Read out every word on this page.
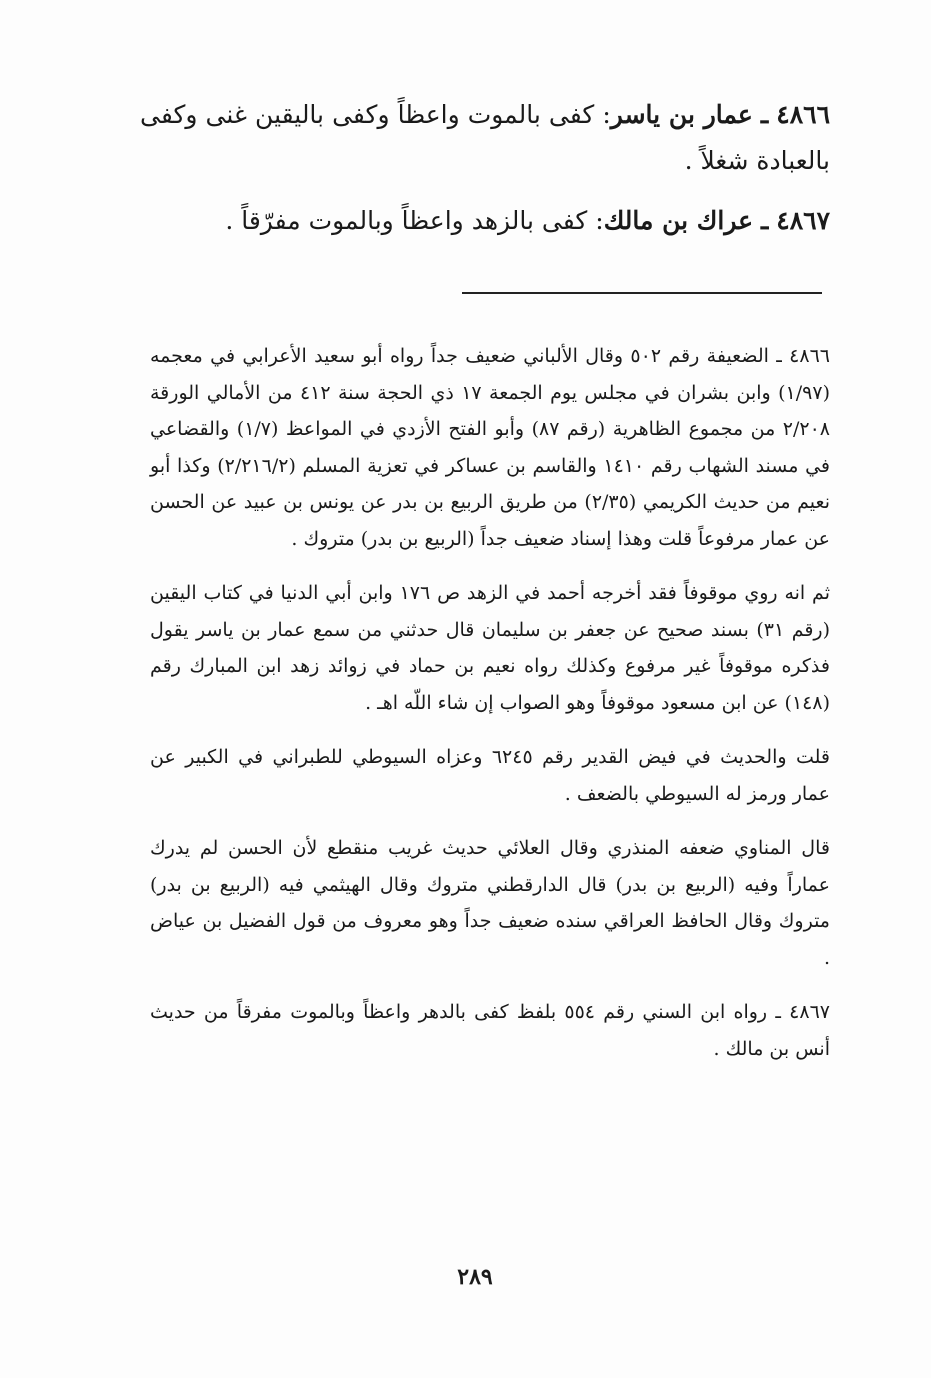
٤٨٦٦ ـ عمار بن ياسر: كفى بالموت واعظاً وكفى باليقين غنى وكفى بالعبادة شغلاً .

٤٨٦٧ ـ عراك بن مالك: كفى بالزهد واعظاً وبالموت مفرّقاً .

٤٨٦٦ ـ الضعيفة رقم ٥٠٢ وقال الألباني ضعيف جداً رواه أبو سعيد الأعرابي في معجمه (١/٩٧) وابن بشران في مجلس يوم الجمعة ١٧ ذي الحجة سنة ٤١٢ من الأمالي الورقة ٢/٢٠٨ من مجموع الظاهرية (رقم ٨٧) وأبو الفتح الأزدي في المواعظ (١/٧) والقضاعي في مسند الشهاب رقم ١٤١٠ والقاسم بن عساكر في تعزية المسلم (٢/٢١٦/٢) وكذا أبو نعيم من حديث الكريمي (٢/٣٥) من طريق الربيع بن بدر عن يونس بن عبيد عن الحسن عن عمار مرفوعاً قلت وهذا إسناد ضعيف جداً (الربيع بن بدر) متروك .

ثم انه روي موقوفاً فقد أخرجه أحمد في الزهد ص ١٧٦ وابن أبي الدنيا في كتاب اليقين (رقم ٣١) بسند صحيح عن جعفر بن سليمان قال حدثني من سمع عمار بن ياسر يقول فذكره موقوفاً غير مرفوع وكذلك رواه نعيم بن حماد في زوائد زهد ابن المبارك رقم (١٤٨) عن ابن مسعود موقوفاً وهو الصواب إن شاء اللّه اهـ .

قلت والحديث في فيض القدير رقم ٦٢٤٥ وعزاه السيوطي للطبراني في الكبير عن عمار ورمز له السيوطي بالضعف .

قال المناوي ضعفه المنذري وقال العلائي حديث غريب منقطع لأن الحسن لم يدرك عماراً وفيه (الربيع بن بدر) قال الدارقطني متروك وقال الهيثمي فيه (الربيع بن بدر) متروك وقال الحافظ العراقي سنده ضعيف جداً وهو معروف من قول الفضيل بن عياض .

٤٨٦٧ ـ رواه ابن السني رقم ٥٥٤ بلفظ كفى بالدهر واعظاً وبالموت مفرقاً من حديث أنس بن مالك .

٢٨٩
